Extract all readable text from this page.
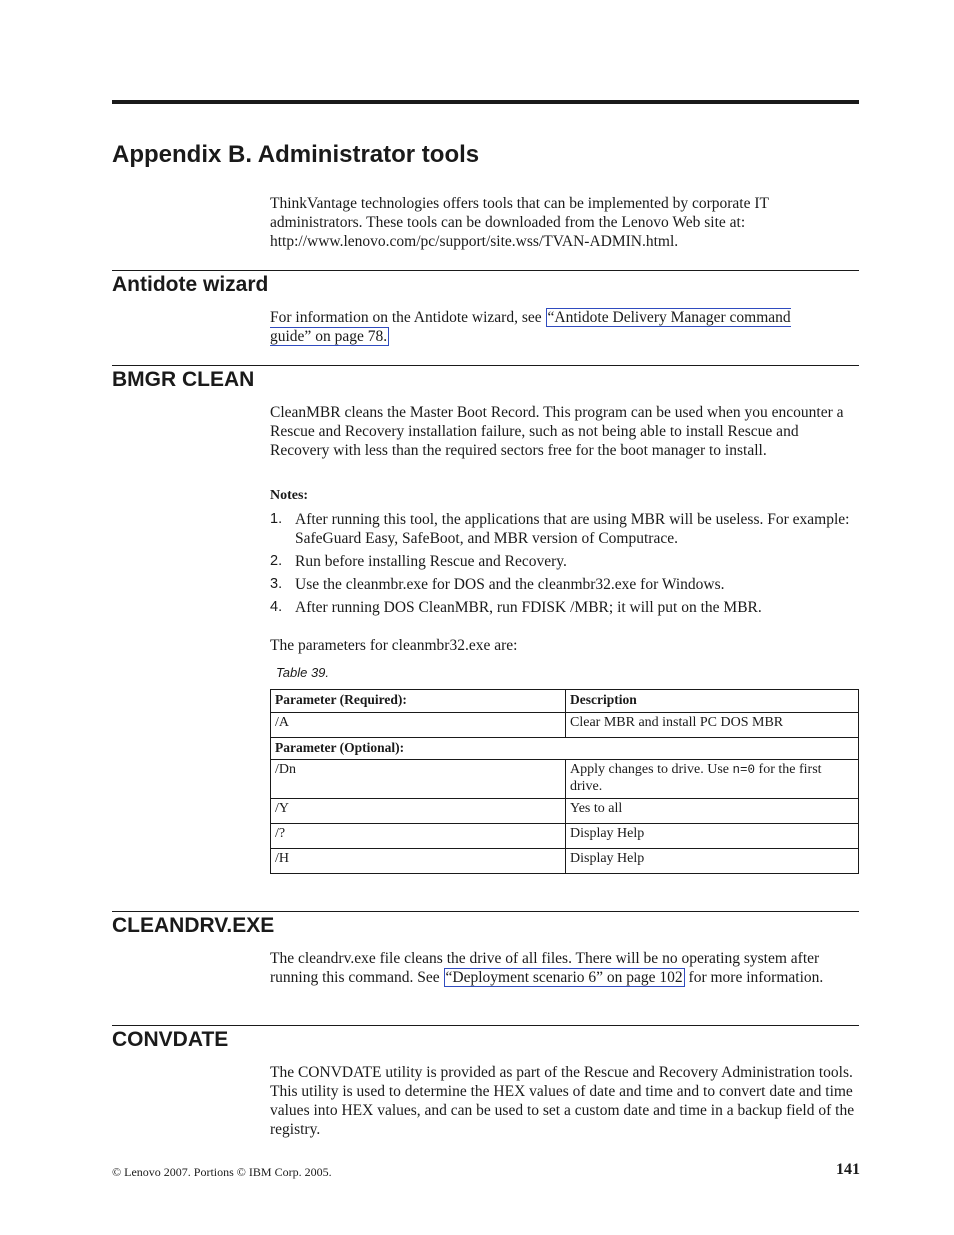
Appendix B. Administrator tools

ThinkVantage technologies offers tools that can be implemented by corporate IT administrators. These tools can be downloaded from the Lenovo Web site at: http://www.lenovo.com/pc/support/site.wss/TVAN-ADMIN.html.

Antidote wizard

For information on the Antidote wizard, see “Antidote Delivery Manager command guide” on page 78.

BMGR CLEAN

CleanMBR cleans the Master Boot Record. This program can be used when you encounter a Rescue and Recovery installation failure, such as not being able to install Rescue and Recovery with less than the required sectors free for the boot manager to install.

Notes:
1. After running this tool, the applications that are using MBR will be useless. For example: SafeGuard Easy, SafeBoot, and MBR version of Computrace.
2. Run before installing Rescue and Recovery.
3. Use the cleanmbr.exe for DOS and the cleanmbr32.exe for Windows.
4. After running DOS CleanMBR, run FDISK /MBR; it will put on the MBR.

The parameters for cleanmbr32.exe are:

Table 39.
Parameter (Required):	Description
/A	Clear MBR and install PC DOS MBR
Parameter (Optional):	
/Dn	Apply changes to drive. Use n=0 for the first drive.
/Y	Yes to all
/?	Display Help
/H	Display Help
CLEANDRV.EXE

The cleandrv.exe file cleans the drive of all files. There will be no operating system after running this command. See “Deployment scenario 6” on page 102 for more information.

CONVDATE

The CONVDATE utility is provided as part of the Rescue and Recovery Administration tools. This utility is used to determine the HEX values of date and time and to convert date and time values into HEX values, and can be used to set a custom date and time in a backup field of the registry.

© Lenovo 2007. Portions © IBM Corp. 2005.	141
